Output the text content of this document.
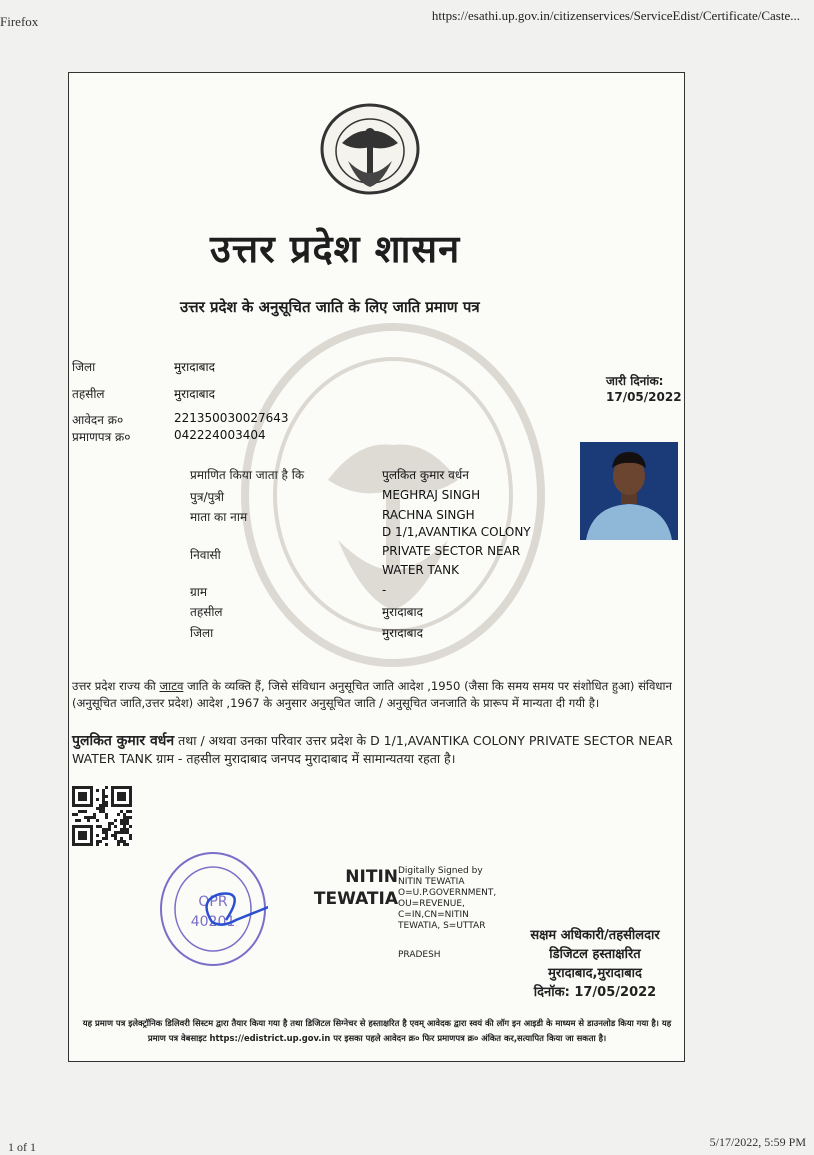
Firefox	https://esathi.up.gov.in/citizenservices/ServiceEdist/Certificate/Caste...
1 of 1	5/17/2022, 5:59 PM
उत्तर प्रदेश शासन
उत्तर प्रदेश के अनुसूचित जाति के लिए जाति प्रमाण पत्र
जारी दिनांक:
17/05/2022
जिला	मुरादाबाद
तहसील	मुरादाबाद
आवेदन क्र०	221350030027643
प्रमाणपत्र क्र०	042224003404
प्रमाणित किया जाता है कि	पुलकित कुमार वर्धन
पुत्र/पुत्री	MEGHRAJ SINGH
माता का नाम	RACHNA SINGH
निवासी
D 1/1,AVANTIKA COLONY
PRIVATE SECTOR NEAR
WATER TANK
ग्राम	-
तहसील	मुरादाबाद
जिला	मुरादाबाद
उत्तर प्रदेश राज्य की जाटव जाति के व्यक्ति हैं, जिसे संविधान अनुसूचित जाति आदेश ,1950 (जैसा कि समय समय पर संशोधित हुआ) संविधान (अनुसूचित जाति,उत्तर प्रदेश) आदेश ,1967 के अनुसार अनुसूचित जाति / अनुसूचित जनजाति के प्रारूप में मान्यता दी गयी है।
पुलकित कुमार वर्धन तथा / अथवा उनका परिवार उत्तर प्रदेश के D 1/1,AVANTIKA COLONY PRIVATE SECTOR NEAR WATER TANK ग्राम - तहसील मुरादाबाद जनपद मुरादाबाद में सामान्यतया रहता है।
OPR
40201
NITIN
TEWATIA
Digitally Signed by
NITIN TEWATIA
O=U.P.GOVERNMENT,
OU=REVENUE,
C=IN,CN=NITIN
TEWATIA, S=UTTAR
PRADESH
सक्षम अधिकारी/तहसीलदार
डिजिटल हस्ताक्षरित
मुरादाबाद,मुरादाबाद
दिनॉक: 17/05/2022
यह प्रमाण पत्र इलेक्ट्रॉनिक डिलिवरी सिस्टम द्वारा तैयार किया गया है तथा डिजिटल सिग्नेचर से हस्ताक्षरित है एवम् आवेदक द्वारा स्वयं की लॉग इन आइडी के माध्यम से डाउनलोड किया गया है। यह प्रमाण पत्र वेबसाइट https://edistrict.up.gov.in पर इसका पहले आवेदन क्र० फिर प्रमाणपत्र क्र० अंकित कर,सत्यापित किया जा सकता है।
